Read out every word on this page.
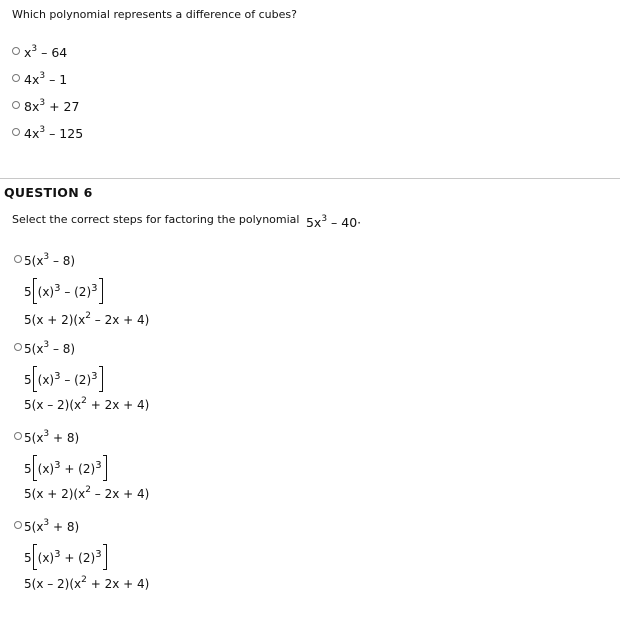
Which polynomial represents a difference of cubes?
$x^3 - 64$
$4x^3 - 1$
$8x^3 + 27$
$4x^3 - 125$
QUESTION 6
Select the correct steps for factoring the polynomial $5x^3 - 40\cdot$
$5(x^3 - 8)$
5 $(x)^3 - (2)^3$
$5(x + 2)(x^2 - 2x + 4)$
$5(x^3 - 8)$
5 $(x)^3 - (2)^3$
$5(x - 2)(x^2 + 2x + 4)$
$5(x^3 + 8)$
5 $(x)^3 + (2)^3$
$5(x + 2)(x^2 - 2x + 4)$
$5(x^3 + 8)$
5 $(x)^3 + (2)^3$
$5(x - 2)(x^2 + 2x + 4)$
